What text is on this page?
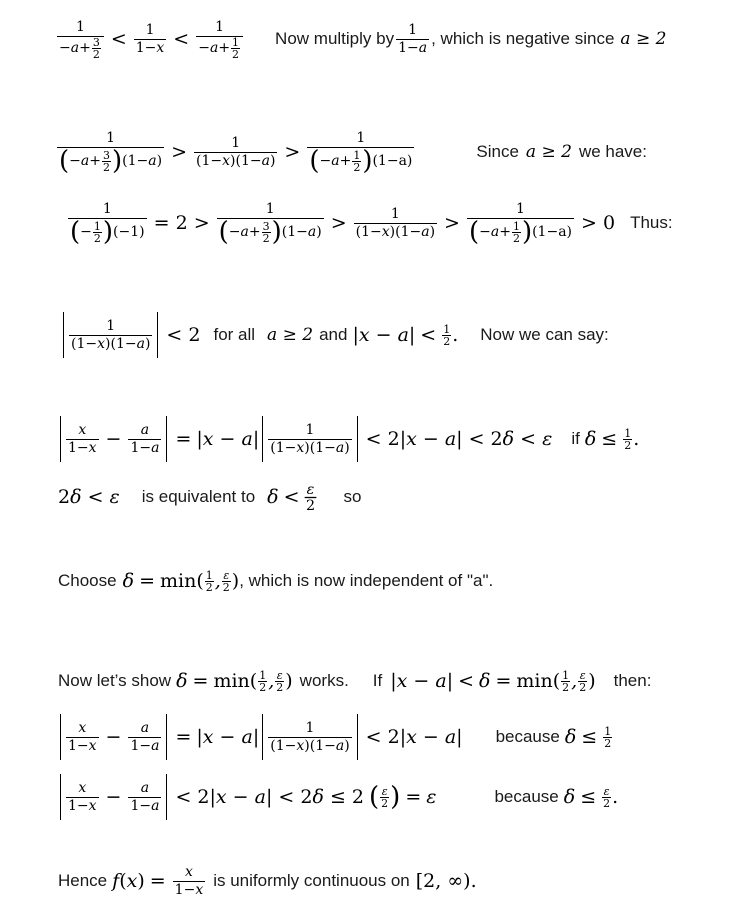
1
− a + 3
$2 < \frac{1}{1- x} < 1$
− a + 1
2 Now multiply by $\frac{1}{1- a}$ , which is negative since a ≥ 2
1
( − a + 3
2 ) (1− a ) > $\frac{1}{(1- x )(1- a )} > 1$
( − a + 1
2 ) (1−a)	Since a ≥ 2 we have:
1
( − 1
2 ) (−1) = 2 > 1
( − a + 3
2 ) (1− a ) > $\frac{1}{(1- x )(1- a )} > 1$
( − a + 1
2 ) (1−a) > 0 Thus:
$\frac{1}{(1- x )(1- a )} < 2$ for all a ≥ 2 and |x − a| < 1
2 . Now we can say:
$\frac{x}{1- x} - \frac{a}{1- a} = |x - a| \frac{1}{(1- x )(1- a )} < 2|x - a| < 2\delta < \varepsilon$ if $\delta \le \frac{1}{2}$ .
2δ < ε is equivalent to δ < ε
2 so
Choose δ = min( 1
2 , ε
2 ) , which is now independent of "a".
Now let’s show δ = min( 1
2 , ε
2 ) works. If |x − a| < δ = min( 1
2 , ε
2 ) then:
$\frac{x}{1- x} - \frac{a}{1- a} = |x - a| \frac{1}{(1- x )(1- a )} < 2|x - a|$ because $\delta \le \frac{1}{2}$
$\frac{x}{1- x} - \frac{a}{1- a} < 2|x - a| < 2\delta \le 2$ ( ε
2 ) = ε	because $\delta \le \frac{\varepsilon}{2}$ .
Hence $f(x) = \frac{x}{1- x}$ is uniformly continuous on [2, ∞).
